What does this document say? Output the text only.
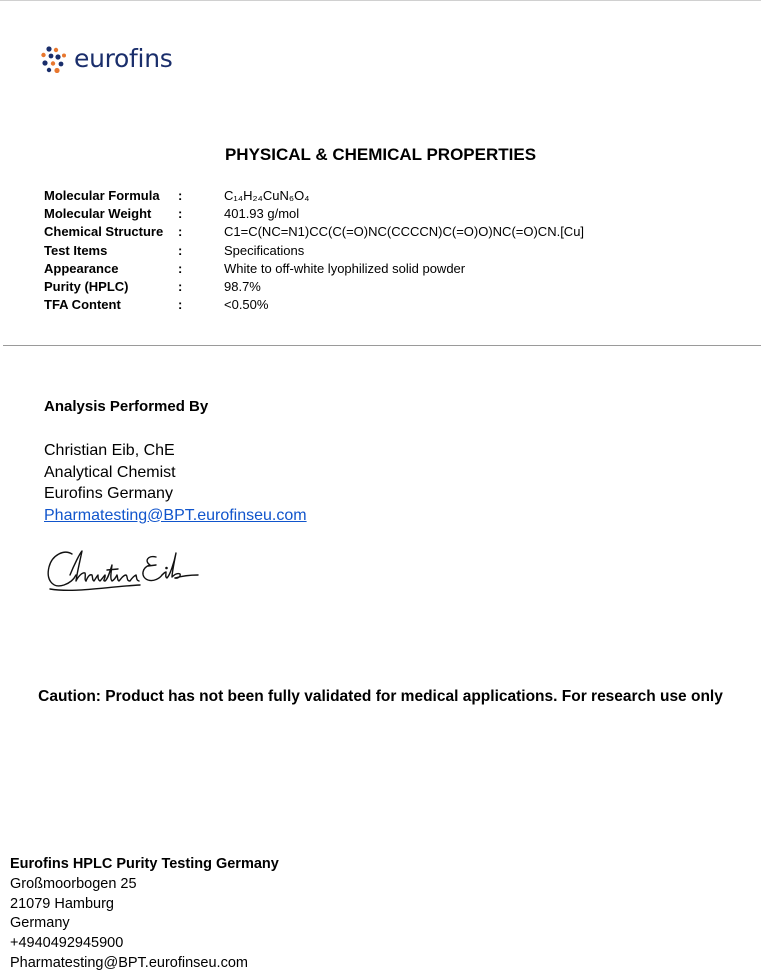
eurofins
PHYSICAL & CHEMICAL PROPERTIES
Molecular Formula :	C₁₄H₂₄CuN₆O₄
Molecular Weight :	401.93 g/mol
Chemical Structure :	C1=C(NC=N1)CC(C(=O)NC(CCCCN)C(=O)O)NC(=O)CN.[Cu]
Test Items	:	Specifications
Appearance	:	White to off-white lyophilized solid powder
Purity (HPLC)	:	98.7%
TFA Content	:	<0.50%
Analysis Performed By
Christian Eib, ChE
Analytical Chemist
Eurofins Germany
Pharmatesting@BPT.eurofinseu.com
Caution: Product has not been fully validated for medical applications. For research use only
Eurofins HPLC Purity Testing Germany
Großmoorbogen 25
21079 Hamburg
Germany
+4940492945900
Pharmatesting@BPT.eurofinseu.com
